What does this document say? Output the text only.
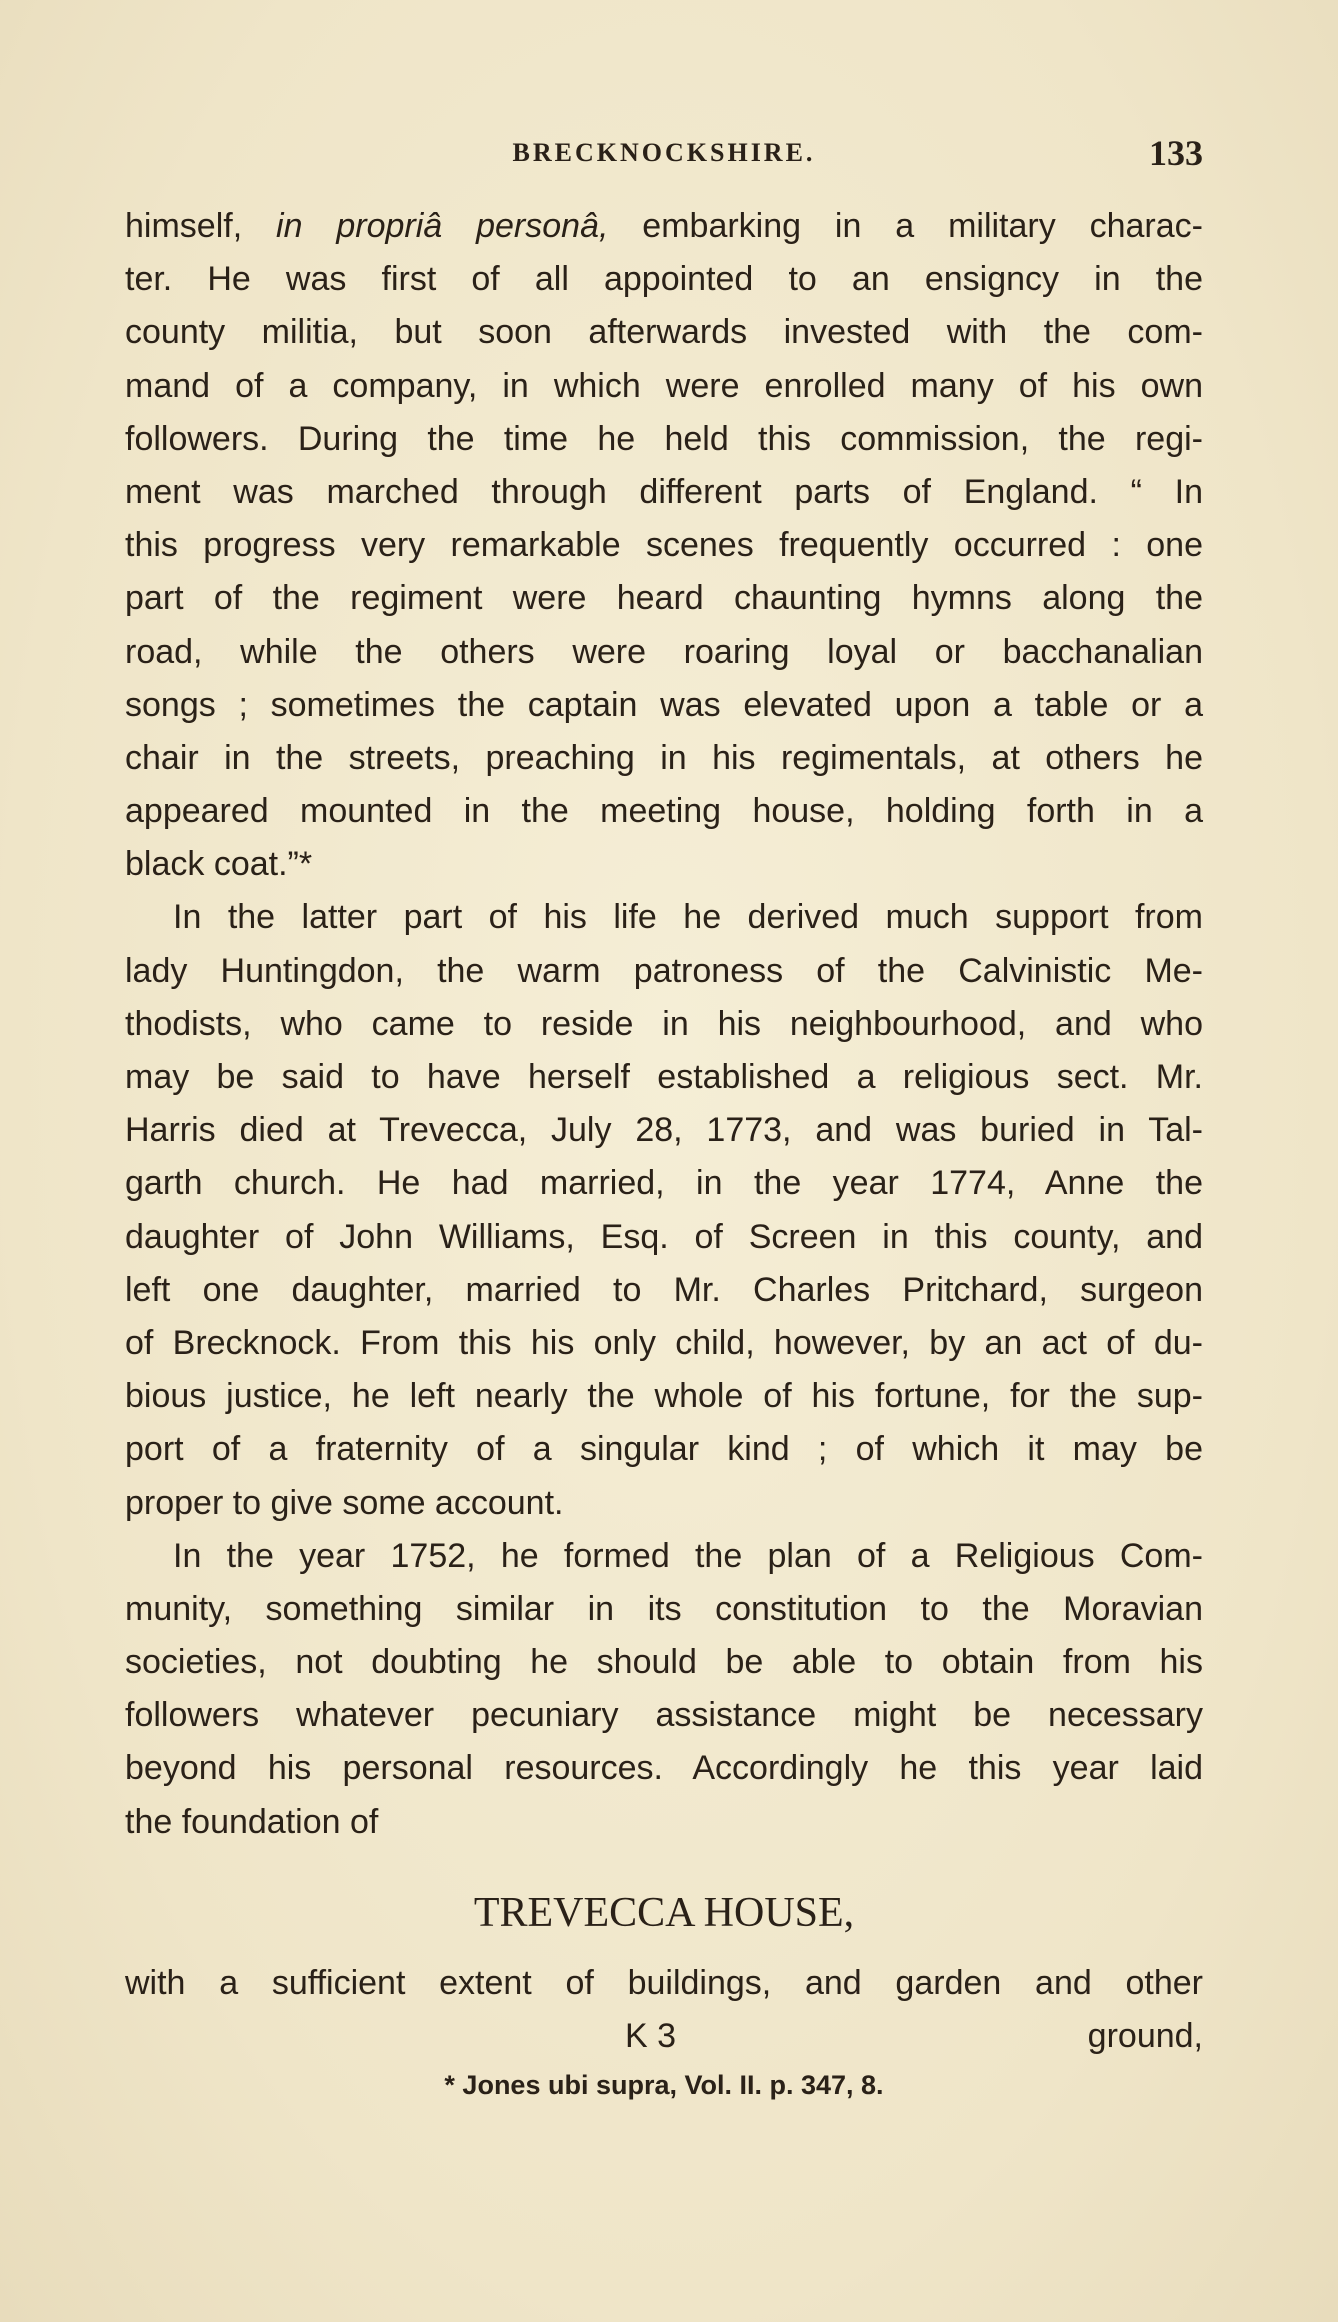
BRECKNOCKSHIRE.	133
himself, in propriâ personâ, embarking in a military charac-
ter. He was first of all appointed to an ensigncy in the
county militia, but soon afterwards invested with the com-
mand of a company, in which were enrolled many of his own
followers. During the time he held this commission, the regi-
ment was marched through different parts of England. “ In
this progress very remarkable scenes frequently occurred : one
part of the regiment were heard chaunting hymns along the
road, while the others were roaring loyal or bacchanalian
songs ; sometimes the captain was elevated upon a table or a
chair in the streets, preaching in his regimentals, at others he
appeared mounted in the meeting house, holding forth in a
black coat.”*
In the latter part of his life he derived much support from
lady Huntingdon, the warm patroness of the Calvinistic Me-
thodists, who came to reside in his neighbourhood, and who
may be said to have herself established a religious sect. Mr.
Harris died at Trevecca, July 28, 1773, and was buried in Tal-
garth church. He had married, in the year 1774, Anne the
daughter of John Williams, Esq. of Screen in this county, and
left one daughter, married to Mr. Charles Pritchard, surgeon
of Brecknock. From this his only child, however, by an act of du-
bious justice, he left nearly the whole of his fortune, for the sup-
port of a fraternity of a singular kind ; of which it may be
proper to give some account.
In the year 1752, he formed the plan of a Religious Com-
munity, something similar in its constitution to the Moravian
societies, not doubting he should be able to obtain from his
followers whatever pecuniary assistance might be necessary
beyond his personal resources. Accordingly he this year laid
the foundation of
TREVECCA HOUSE,
with a sufficient extent of buildings, and garden and other
K 3	ground,
* Jones ubi supra, Vol. II. p. 347, 8.
